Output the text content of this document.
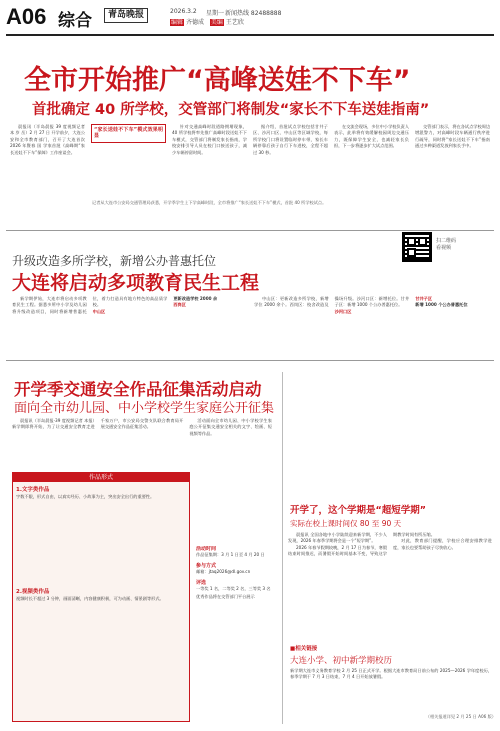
A06 综合	青岛晚报	2026.3.2 星期一 新闻热线 82488888
编辑 齐德成 美编 王艺欣
全市开始推广“高峰送娃不下车”
首批确定 40 所学校，交管部门将制发“家长不下车送娃指南”

晨报讯（半岛晨报 39 度视频记者 本 岁 岳）2 月 27 日 开学前夕，大连公安和全市教育部门，召开了大连首次 2026 年暨春 国 学家首批《高峰期“家长送娃不下车”保障》工作座谈会。

“家长送娃不下车”模式效果明显

针对交通高峰时段道路拥堵现象，40 所学校将率先推广高峰时段送娃不下车模式，交管部门将制发家长指南，学校安排引导人员在校门口接送孩子，减少车辆停留时间。

据介绍，首批试点学校包括甘井子区、沙河口区、中山区等区域学校，每所学校门口将设置临时停车带，家长车辆停靠后孩子自行下车进校，全程不超过 30 秒。

在交流会现场，多位中小学校负责人表示，此举将有效缓解校园周边交通压力，既保障学生安全，也减轻家长负担，下一步将逐步扩大试点范围。

交管部门表示，将在各试点学校周边增派警力，对高峰时段车辆通行秩序进行疏导，同时将“家长送娃不下车”指南通过多种渠道发放到家长手中。

记者从大连市公安局交通管理局获悉，开学季学生上下学高峰时段，全市将推广“家长送娃不下车”模式，首批 40 所学校试点。
扫二维码
看视频
升级改造多所学校，新增公办普惠托位
大连将启动多项教育民生工程

新学期伊始，大连市将启动多项教育民生工程。据悉多所中小学及幼儿园将升级改造项目，同时将新增普惠托位，着力打造具有地方特色的高品质学校。

中山区
更新改造学校 2000 余
西岗区

中山区：更新改造多所学校，新增学位 2000 余个。西岗区：校舍改造及操场升级。沙河口区：新增托位。甘井子区：新增 1000 个公办普惠托位。

沙河口区
甘井子区
新增 1000 个公办普惠托位
开学季交通安全作品征集活动启动
面向全市幼儿园、中小学校学生家庭公开征集

晨报讯（半岛晨报·39 度视频记者 本报）新学期即将开始，为了让交通安全教育走进千家万户，市公安局交警支队联合教育局开展交通安全作品征集活动。

活动面向全市幼儿园、中小学校学生家庭公开征集交通安全相关的文字、绘画、短视频等作品。

作品形式
1.文字类作品
字数不限，形式自由，以真实经历、小故事为主，突出安全出行的重要性。
2.视频类作品
视频时长不超过 3 分钟，画面清晰，内容健康积极，可为动画、情景剧等形式。
活动时间
作品征集期：3 月 1 日至 4 月 20 日
参与方式
邮箱：jtaq2026@dl.gov.cn
评选
一等奖 1 名，二等奖 2 名，三等奖 3 名
优秀作品将在交管部门平台展示
开学了，这个学期是“超短学期”
实际在校上课时间仅 80 至 90 天

晨报讯 全国各地中小学陆续迎来新学期，不少人发现，2026 年春季学期将会是一个“短学期”。

2026 年春节假期较晚，2 月 17 日为春节，寒假结束时间推迟，而暑假开始时间基本不变，导致这学期教学时间有所压缩。

对此，教育部门提醒，学校应合理安排教学进度，家长也要帮助孩子尽快收心。

■相关链接
大连小学、初中新学期校历
新学期大连市义务教育学校 2 月 25 日正式开学。根据大连市教育局日前公布的 2025—2026 学年度校历，春季学期于 7 月 3 日结束，7 月 4 日开始放暑假。
（相关报道详见 2 月 25 日 A06 版）
